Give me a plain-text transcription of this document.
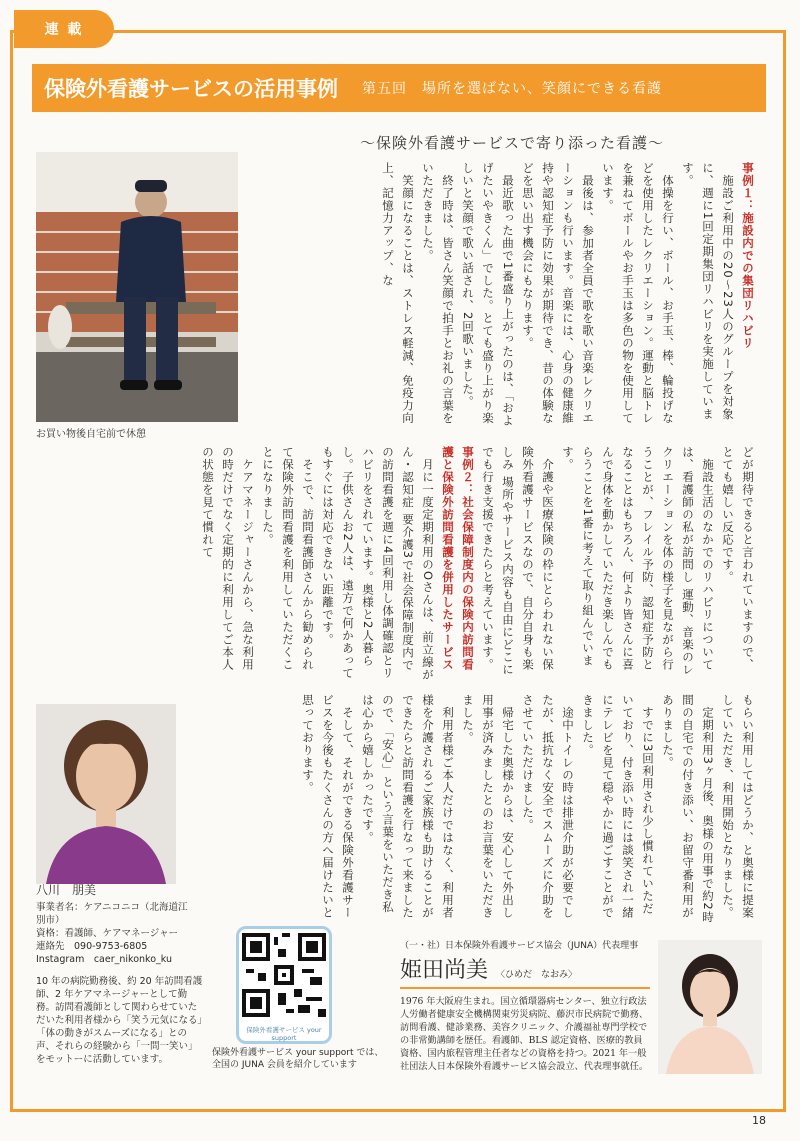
連 載
保険外看護サービスの活用事例 第五回　場所を選ばない、笑顔にできる看護
～保険外看護サービスで寄り添った看護～
お買い物後自宅前で休憩
事例１：施設内での集団リハビリ
　施設ご利用中の20～23人のグループを対象に、週に1回定期集団リハビリを実施しています。
　体操を行い、ボール、お手玉、棒、輪投げなどを使用したレクリエーション。運動と脳トレを兼ねてボールやお手玉は多色の物を使用しています。
　最後は、参加者全員で歌を歌い音楽レクリエーションも行います。音楽には、心身の健康維持や認知症予防に効果が期待でき、昔の体験などを思い出す機会にもなります。
　最近歌った曲で1番盛り上がったのは、「およげたいやきくん」でした。とても盛り上がり楽しいと笑顔で歌い話され、2回歌いました。
　終了時は、皆さん笑顔で拍手とお礼の言葉をいただきました。
　笑顔になることは、ストレス軽減、免疫力向上、記憶力アップ、な
どが期待できると言われていますので、とても嬉しい反応です。
　施設生活のなかでのリハビリについては、看護師の私が訪問し 運動、音楽のレクリエーションを体の様子を見ながら行うことが、フレイル予防、認知症予防となることはもちろん、何より皆さんに喜んで身体を動かしていただき楽しんでもらうことを1番に考えて取り組んでいます。
　介護や医療保険の枠にとらわれない保険外看護サービスなので、自分自身も楽しみ 場所やサービス内容も自由にどこにでも行き支援できたらと考えています。
事例２：社会保障制度内の保険内訪問看護と保険外訪問看護を併用したサービス
　月に一度定期利用のOさんは、前立線がん・認知症 要介護3で社会保障制度内での訪問看護を週に4回利用し体調確認とリハビリをされています。奥様と2人暮らし。子供さんお2人は、遠方で何かあってもすぐには対応できない距離です。
　そこで、訪問看護師さんから勧められて保険外訪問看護を利用していただくことになりました。
　ケアマネージャーさんから、急な利用の時だけでなく定期的に利用してご本人の状態を見て慣れて
もらい利用してはどうか、と奥様に提案していただき、利用開始となりました。
　定期利用3ヶ月後、奥様の用事で約2時間の自宅での付き添い、お留守番利用がありました。
　すでに3回利用され少し慣れていただいており、付き添い時には談笑され一緒にテレビを見て穏やかに過ごすことができました。
　途中トイレの時は排泄介助が必要でしたが、抵抗なく安全でスムーズに介助をさせていただけました。
　帰宅した奥様からは、安心して外出し用事が済みましたとのお言葉をいただきました。
　利用者様ご本人だけではなく、利用者様を介護されるご家族様も助けることができたらと訪問看護を行なって来ましたので、「安心」という言葉をいただき私は心から嬉しかったです。
　そして、それができる保険外看護サービスを今後もたくさんの方へ届けたいと思っております。
八川　朋美
事業者名：ケアニコニコ（北海道江別市）
資格：看護師、ケアマネージャー
連絡先　090-9753-6805
Instagram　caer_nikonko_ku
10 年の病院勤務後、約 20 年訪問看護師、2 年ケアマネージャーとして勤務。訪問看護師として関わらせていただいた利用者様から「笑う元気になる」「体の動きがスムーズになる」との声、それらの経験から「一問一笑い」をモットーに活動しています。
保険外看護サービス your support
保険外看護サービス your support では、全国の JUNA 会員を紹介しています
（一・社）日本保険外看護サービス協会（JUNA）代表理事
姫田尚美 〈ひめだ　なおみ〉
1976 年大阪府生まれ。国立循環器病センター、独立行政法人労働者健康安全機構関東労災病院、藤沢市民病院で勤務、訪問看護、健診業務、美容クリニック、介護福祉専門学校での非常勤講師を歴任。看護師、BLS 認定資格、医療的教員資格、国内旅程管理主任者などの資格を持つ。2021 年一般社団法人日本保険外看護サービス協会設立、代表理事就任。
18
